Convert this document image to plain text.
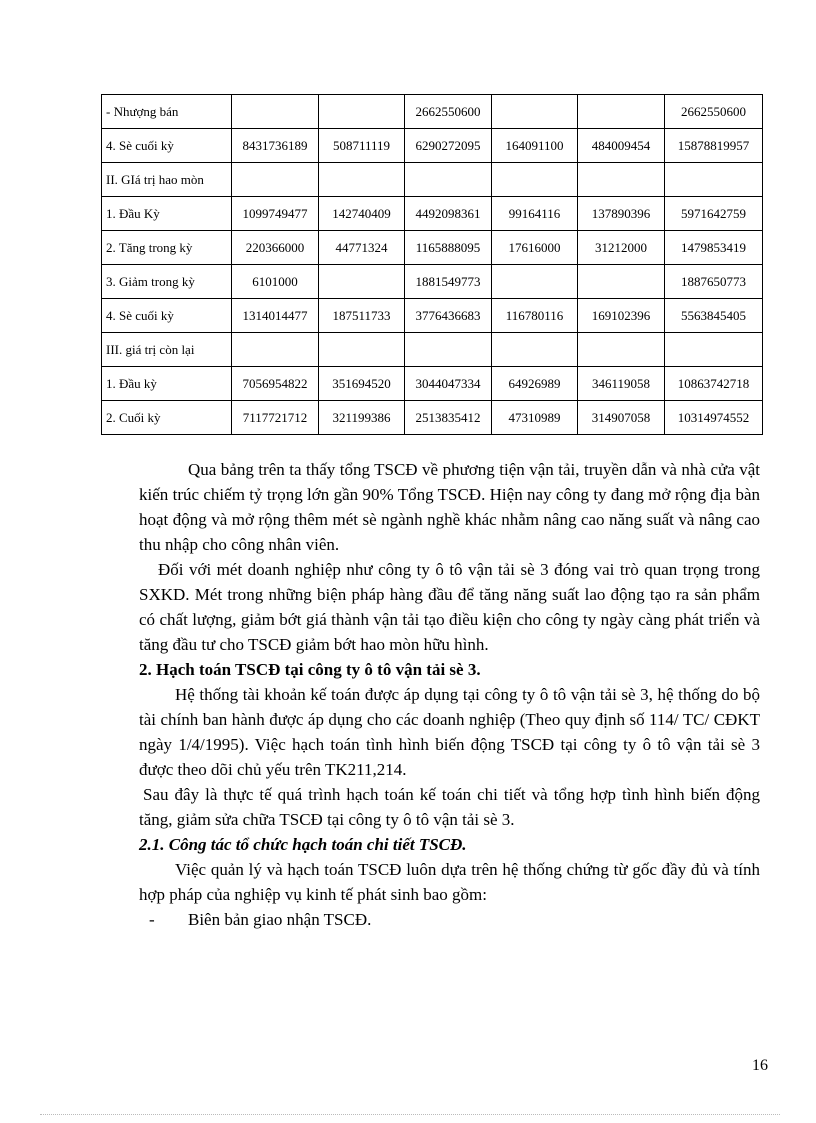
- Nhượng bán			2662550600			2662550600
4. Sè cuối kỳ	8431736189	508711119	6290272095	164091100	484009454	15878819957
II. GIá trị hao mòn						
1. Đầu Kỳ	1099749477	142740409	4492098361	99164116	137890396	5971642759
2. Tăng trong kỳ	220366000	44771324	1165888095	17616000	31212000	1479853419
3. Giảm trong kỳ	6101000		1881549773			1887650773
4. Sè cuối kỳ	1314014477	187511733	3776436683	116780116	169102396	5563845405
III. giá trị còn lại						
1. Đầu kỳ	7056954822	351694520	3044047334	64926989	346119058	10863742718
2. Cuối kỳ	7117721712	321199386	2513835412	47310989	314907058	10314974552

Qua bảng trên ta thấy tổng TSCĐ về phương tiện vận tải, truyền dẫn và nhà cửa vật kiến trúc chiếm tỷ trọng lớn gần 90% Tổng TSCĐ. Hiện nay công ty đang mở rộng địa bàn hoạt động và mở rộng thêm mét sè ngành nghề khác nhằm nâng cao năng suất và nâng cao thu nhập cho công nhân viên.

Đối với mét doanh nghiệp như công ty ô tô vận tải sè 3 đóng vai trò quan trọng trong SXKD. Mét trong những biện pháp hàng đầu để tăng năng suất lao động tạo ra sản phẩm có chất lượng, giảm bớt giá thành vận tải tạo điều kiện cho công ty ngày càng phát triển và tăng đầu tư cho TSCĐ giảm bớt hao mòn hữu hình.

2. Hạch toán TSCĐ tại công ty ô tô vận tải sè 3.

Hệ thống tài khoản kế toán được áp dụng tại công ty ô tô vận tải sè 3, hệ thống do bộ tài chính ban hành được áp dụng cho các doanh nghiệp (Theo quy định số 114/ TC/ CĐKT ngày 1/4/1995). Việc hạch toán tình hình biến động TSCĐ tại công ty ô tô vận tải sè 3 được theo dõi chủ yếu trên TK211,214.

Sau đây là thực tế quá trình hạch toán kế toán chi tiết và tổng hợp tình hình biến động tăng, giảm sửa chữa TSCĐ tại công ty ô tô vận tải sè 3.

2.1. Công tác tổ chức hạch toán chi tiết TSCĐ.

Việc quản lý và hạch toán TSCĐ luôn dựa trên hệ thống chứng từ gốc đầy đủ và tính hợp pháp của nghiệp vụ kinh tế phát sinh bao gồm:

-	Biên bản giao nhận TSCĐ.
16
